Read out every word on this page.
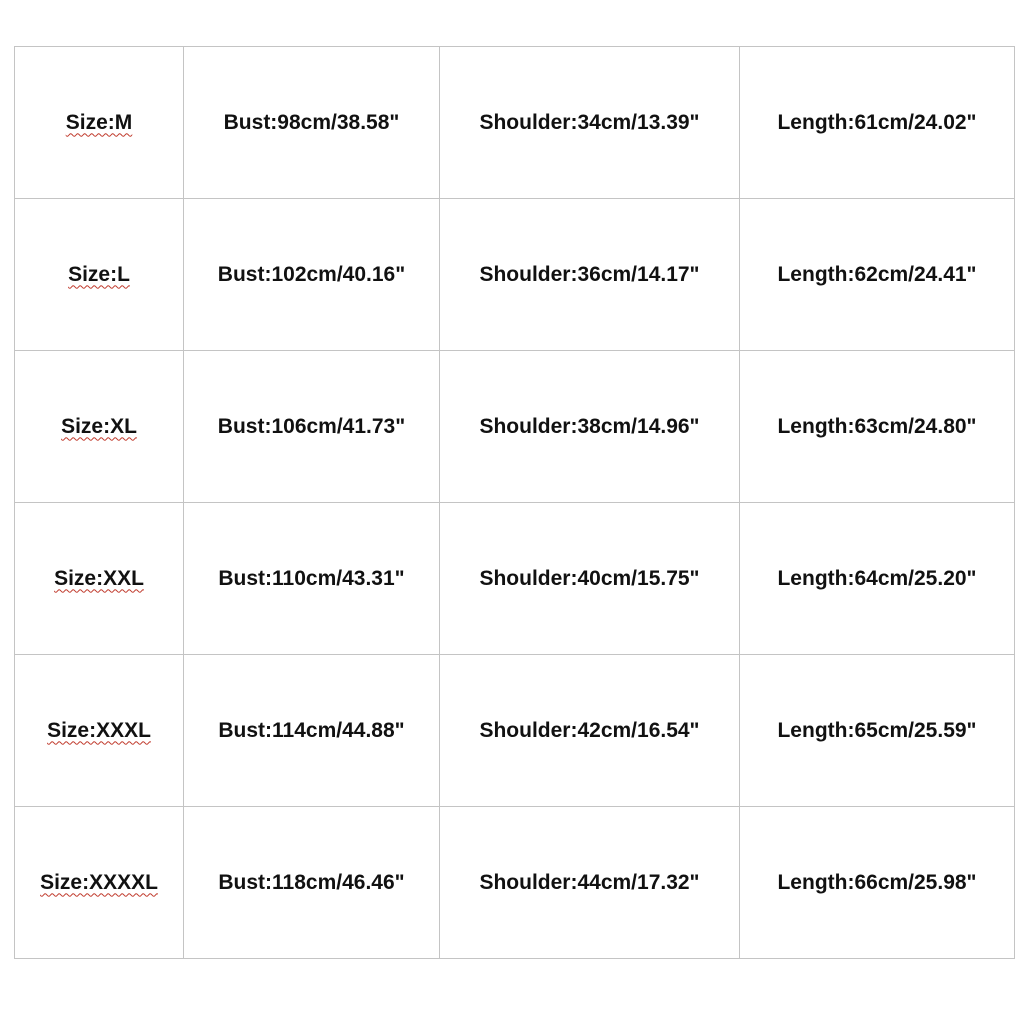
Size:M	Bust:98cm/38.58"	Shoulder:34cm/13.39"	Length:61cm/24.02"
Size:L	Bust:102cm/40.16"	Shoulder:36cm/14.17"	Length:62cm/24.41"
Size:XL	Bust:106cm/41.73"	Shoulder:38cm/14.96"	Length:63cm/24.80"
Size:XXL	Bust:110cm/43.31"	Shoulder:40cm/15.75"	Length:64cm/25.20"
Size:XXXL	Bust:114cm/44.88"	Shoulder:42cm/16.54"	Length:65cm/25.59"
Size:XXXXL	Bust:118cm/46.46"	Shoulder:44cm/17.32"	Length:66cm/25.98"
